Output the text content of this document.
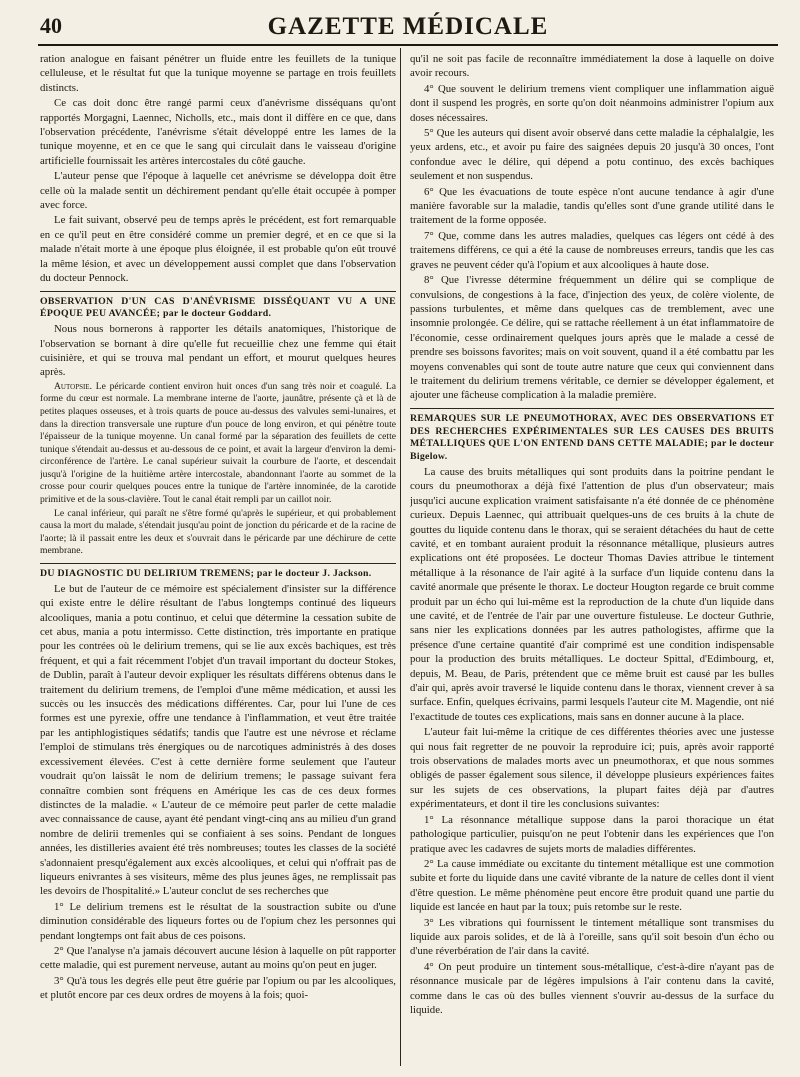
40	GAZETTE MÉDICALE

ration analogue en faisant pénétrer un fluide entre les feuillets de la tunique celluleuse, et le résultat fut que la tunique moyenne se partage en trois feuillets distincts.

Ce cas doit donc être rangé parmi ceux d'anévrisme disséquans qu'ont rapportés Morgagni, Laennec, Nicholls, etc., mais dont il diffère en ce que, dans l'observation précédente, l'anévrisme s'était développé entre les lames de la tunique moyenne, et en ce que le sang qui circulait dans le vaisseau d'origine artificielle fournissait les artères intercostales du côté gauche.

L'auteur pense que l'époque à laquelle cet anévrisme se développa doit être celle où la malade sentit un déchirement pendant qu'elle était occupée à pomper avec force.

Le fait suivant, observé peu de temps après le précédent, est fort remarquable en ce qu'il peut en être considéré comme un premier degré, et en ce que si la malade n'était morte à une époque plus éloignée, il est probable qu'on eût trouvé la même lésion, et avec un développement aussi complet que dans l'observation du docteur Pennock.

OBSERVATION D'UN CAS D'ANÉVRISME DISSÉQUANT VU A UNE ÉPOQUE PEU AVANCÉE; par le docteur Goddard.

Nous nous bornerons à rapporter les détails anatomiques, l'historique de l'observation se bornant à dire qu'elle fut recueillie chez une femme qui était cuisinière, et qui se trouva mal pendant un effort, et mourut quelques heures après.

Autopsie. Le péricarde contient environ huit onces d'un sang très noir et coagulé. La forme du cœur est normale. La membrane interne de l'aorte, jaunâtre, présente çà et là de petites plaques osseuses, et à trois quarts de pouce au-dessus des valvules semi-lunaires, et dans la direction transversale une rupture d'un pouce de long environ, et qui pénètre toute l'épaisseur de la tunique moyenne. Un canal formé par la séparation des feuillets de cette tunique s'étendait au-dessus et au-dessous de ce point, et avait la largeur d'environ la demi-circonférence de l'artère. Le canal supérieur suivait la courbure de l'aorte, et descendait jusqu'à l'origine de la huitième artère intercostale, abandonnant l'aorte au sommet de la crosse pour courir quelques pouces entre la tunique de l'artère innominée, de la carotide primitive et de la sous-clavière. Tout le canal était rempli par un caillot noir.

Le canal inférieur, qui paraît ne s'être formé qu'après le supérieur, et qui probablement causa la mort du malade, s'étendait jusqu'au point de jonction du péricarde et de la racine de l'aorte; là il passait entre les deux et s'ouvrait dans le péricarde par une déchirure de cette membrane.

DU DIAGNOSTIC DU DELIRIUM TREMENS; par le docteur J. Jackson.

Le but de l'auteur de ce mémoire est spécialement d'insister sur la différence qui existe entre le délire résultant de l'abus longtemps continué des liqueurs alcooliques, mania a potu continuo, et celui que détermine la cessation subite de cet abus, mania a potu intermisso. Cette distinction, très importante en pratique pour les contrées où le delirium tremens, qui se lie aux excès bachiques, est très fréquent, et qui a fait récemment l'objet d'un travail important du docteur Stokes, de Dublin, paraît à l'auteur devoir expliquer les résultats différens obtenus dans le traitement du delirium tremens, de l'emploi d'une même médication, et aussi les succès ou les insuccès des médications différentes. Car, pour lui l'une de ces formes est une pyrexie, offre une tendance à l'inflammation, et veut être traitée par les antiphlogistiques sédatifs; tandis que l'autre est une névrose et réclame l'emploi de stimulans très énergiques ou de narcotiques administrés à des doses excessivement élevées. C'est à cette dernière forme seulement que l'auteur voudrait qu'on laissât le nom de delirium tremens; le passage suivant fera connaître combien sont fréquens en Amérique les cas de ces deux formes distinctes de la maladie. « L'auteur de ce mémoire peut parler de cette maladie avec connaissance de cause, ayant été pendant vingt-cinq ans au milieu d'un grand nombre de delirii tremenles qui se confiaient à ses soins. Pendant de longues années, les distilleries avaient été très nombreuses; toutes les classes de la société s'adonnaient presqu'également aux excès alcooliques, et celui qui n'offrait pas de liqueurs enivrantes à ses visiteurs, même des plus jeunes âges, ne remplissait pas les devoirs de l'hospitalité.» L'auteur conclut de ses recherches que

1° Le delirium tremens est le résultat de la soustraction subite ou d'une diminution considérable des liqueurs fortes ou de l'opium chez les personnes qui pendant longtemps ont fait abus de ces poisons.

2° Que l'analyse n'a jamais découvert aucune lésion à laquelle on pût rapporter cette maladie, qui est purement nerveuse, autant au moins qu'on peut en juger.

3° Qu'à tous les degrés elle peut être guérie par l'opium ou par les alcooliques, et plutôt encore par ces deux ordres de moyens à la fois; quoi-

qu'il ne soit pas facile de reconnaître immédiatement la dose à laquelle on doive avoir recours.

4° Que souvent le delirium tremens vient compliquer une inflammation aiguë dont il suspend les progrès, en sorte qu'on doit néanmoins administrer l'opium aux doses nécessaires.

5° Que les auteurs qui disent avoir observé dans cette maladie la céphalalgie, les yeux ardens, etc., et avoir pu faire des saignées depuis 20 jusqu'à 30 onces, l'ont confondue avec le délire, qui dépend a potu continuo, des excès bachiques seulement et non suspendus.

6° Que les évacuations de toute espèce n'ont aucune tendance à agir d'une manière favorable sur la maladie, tandis qu'elles sont d'une grande utilité dans le traitement de la forme opposée.

7° Que, comme dans les autres maladies, quelques cas légers ont cédé à des traitemens différens, ce qui a été la cause de nombreuses erreurs, tandis que les cas graves ne peuvent céder qu'à l'opium et aux alcooliques à haute dose.

8° Que l'ivresse détermine fréquemment un délire qui se complique de convulsions, de congestions à la face, d'injection des yeux, de colère violente, de passions turbulentes, et même dans quelques cas de tremblement, avec une insomnie prolongée. Ce délire, qui se rattache réellement à un état inflammatoire de l'économie, cesse ordinairement quelques jours après que le malade a cessé de prendre ses boissons favorites; mais on voit souvent, quand il a été combattu par les moyens convenables qui sont de toute autre nature que ceux qui conviennent dans le traitement du delirium tremens véritable, ce dernier se développer également, et ajouter une fâcheuse complication à la maladie première.

REMARQUES SUR LE PNEUMOTHORAX, AVEC DES OBSERVATIONS ET DES RECHERCHES EXPÉRIMENTALES SUR LES CAUSES DES BRUITS MÉTALLIQUES QUE L'ON ENTEND DANS CETTE MALADIE; par le docteur Bigelow.

La cause des bruits métalliques qui sont produits dans la poitrine pendant le cours du pneumothorax a déjà fixé l'attention de plus d'un observateur; mais jusqu'ici aucune explication vraiment satisfaisante n'a été donnée de ce phénomène curieux. Depuis Laennec, qui attribuait quelques-uns de ces bruits à la chute de gouttes du liquide contenu dans le thorax, qui se seraient détachées du haut de cette cavité, et en tombant auraient produit la résonnance métallique, plusieurs autres explications ont été proposées. Le docteur Thomas Davies attribue le tintement métallique à la résonance de l'air agité à la surface d'un liquide contenu dans la cavité anormale que présente le thorax. Le docteur Hougton regarde ce bruit comme produit par un écho qui lui-même est la reproduction de la chute d'un liquide dans une cavité, et de l'entrée de l'air par une ouverture fistuleuse. Le docteur Guthrie, sans nier les explications données par les autres pathologistes, affirme que la présence d'une certaine quantité d'air comprimé est une condition indispensable pour la production des bruits métalliques. Le docteur Spittal, d'Edimbourg, et, depuis, M. Beau, de Paris, prétendent que ce même bruit est causé par les bulles d'air qui, après avoir traversé le liquide contenu dans le thorax, viennent crever à sa surface. Enfin, quelques écrivains, parmi lesquels l'auteur cite M. Magendie, ont nié l'exactitude de toutes ces explications, mais sans en donner aucune à la place.

L'auteur fait lui-même la critique de ces différentes théories avec une justesse qui nous fait regretter de ne pouvoir la reproduire ici; puis, après avoir rapporté trois observations de malades morts avec un pneumothorax, et que nous sommes obligés de passer également sous silence, il développe plusieurs expériences faites sur les sujets de ces observations, la plupart faites déjà par d'autres expérimentateurs, et dont il tire les conclusions suivantes:

1° La résonnance métallique suppose dans la paroi thoracique un état pathologique particulier, puisqu'on ne peut l'obtenir dans les expériences que l'on pratique avec les cadavres de sujets morts de maladies différentes.

2° La cause immédiate ou excitante du tintement métallique est une commotion subite et forte du liquide dans une cavité vibrante de la nature de celles dont il vient d'être question. Le même phénomène peut encore être produit quand une partie du liquide est lancée en haut par la toux; puis retombe sur le reste.

3° Les vibrations qui fournissent le tintement métallique sont transmises du liquide aux parois solides, et de là à l'oreille, sans qu'il soit besoin d'un écho ou d'une réverbération de l'air dans la cavité.

4° On peut produire un tintement sous-métallique, c'est-à-dire n'ayant pas de résonnance musicale par de légères impulsions à l'air contenu dans la cavité, comme dans le cas où des bulles viennent s'ouvrir au-dessus de la surface du liquide.
